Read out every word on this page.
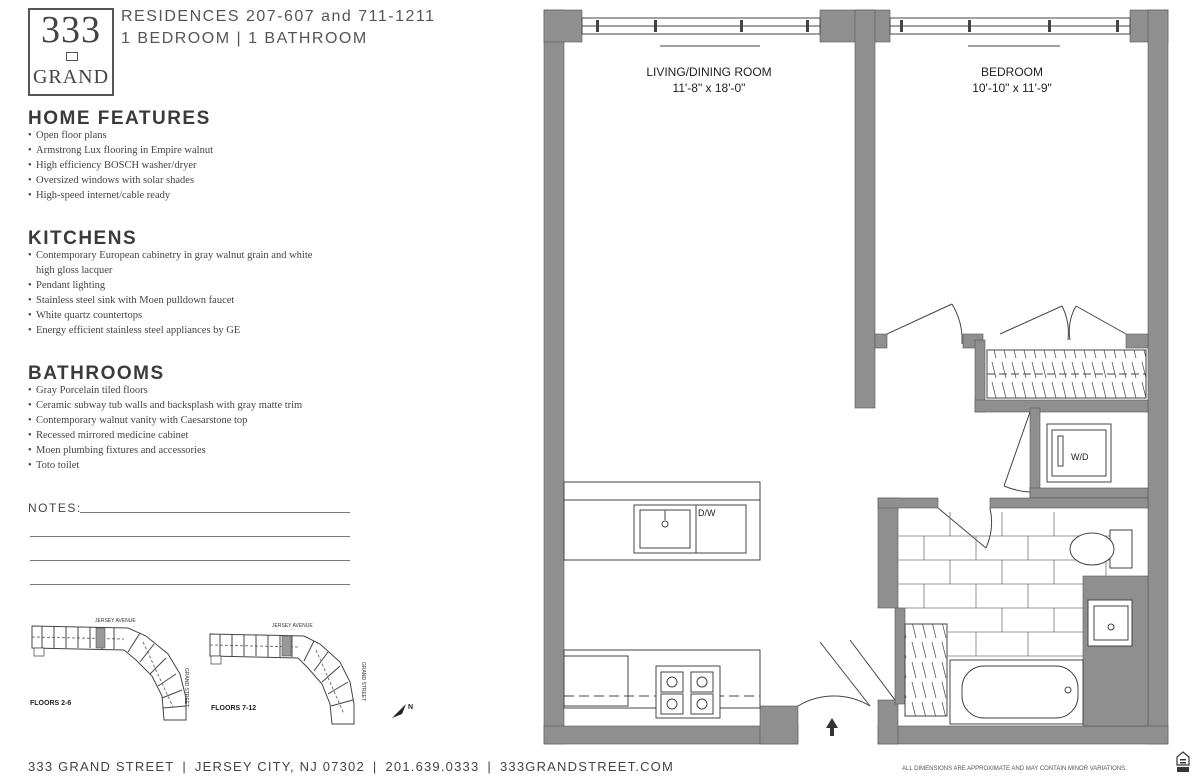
333
GRAND
RESIDENCES 207-607 and 711-1211
1 BEDROOM | 1 BATHROOM
HOME FEATURES
• Open floor plans
• Armstrong Lux flooring in Empire walnut
• High efficiency BOSCH washer/dryer
• Oversized windows with solar shades
• High-speed internet/cable ready
KITCHENS
• Contemporary European cabinetry in gray walnut grain and white high gloss lacquer
• Pendant lighting
• Stainless steel sink with Moen pulldown faucet
• White quartz countertops
• Energy efficient stainless steel appliances by GE
BATHROOMS
• Gray Porcelain tiled floors
• Ceramic subway tub walls and backsplash with gray matte trim
• Contemporary walnut vanity with Caesarstone top
• Recessed mirrored medicine cabinet
• Moen plumbing fixtures and accessories
• Toto toilet
NOTES:
JERSEY AVENUE
GRAND STREET
FLOORS 2-6
JERSEY AVENUE
GRAND STREET
FLOORS 7-12	N
LIVING/DINING ROOM
11'-8" x 18'-0"
BEDROOM
10'-10" x 11'-9"
D/W
W/D
333 GRAND STREET | JERSEY CITY, NJ 07302 | 201.639.0333 | 333GRANDSTREET.COM	ALL DIMENSIONS ARE APPROXIMATE AND MAY CONTAIN MINOR VARIATIONS.
